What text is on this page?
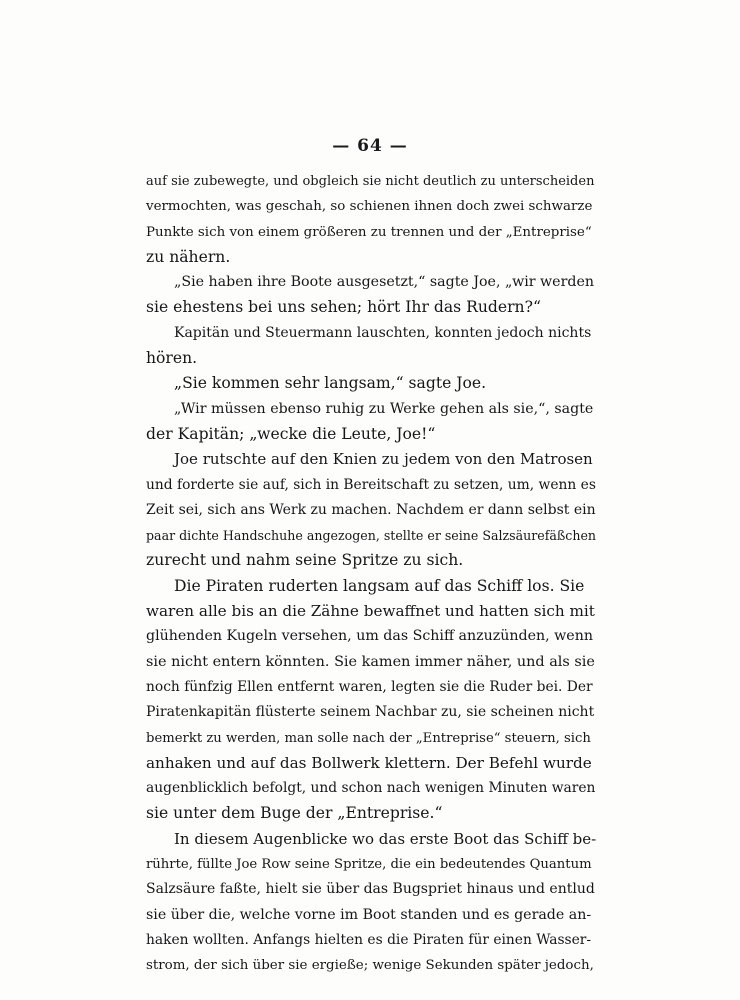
— 64 —
auf sie zubewegte, und obgleich sie nicht deutlich zu unterscheiden
vermochten, was geschah, so schienen ihnen doch zwei schwarze
Punkte sich von einem größeren zu trennen und der „Entreprise“
zu nähern.
„Sie haben ihre Boote ausgesetzt,“ sagte Joe, „wir werden
sie ehestens bei uns sehen; hört Ihr das Rudern?“
Kapitän und Steuermann lauschten, konnten jedoch nichts
hören.
„Sie kommen sehr langsam,“ sagte Joe.
„Wir müssen ebenso ruhig zu Werke gehen als sie,“, sagte
der Kapitän; „wecke die Leute, Joe!“
Joe rutschte auf den Knien zu jedem von den Matrosen
und forderte sie auf, sich in Bereitschaft zu setzen, um, wenn es
Zeit sei, sich ans Werk zu machen. Nachdem er dann selbst ein
paar dichte Handschuhe angezogen, stellte er seine Salzsäurefäßchen
zurecht und nahm seine Spritze zu sich.
Die Piraten ruderten langsam auf das Schiff los. Sie
waren alle bis an die Zähne bewaffnet und hatten sich mit
glühenden Kugeln versehen, um das Schiff anzuzünden, wenn
sie nicht entern könnten. Sie kamen immer näher, und als sie
noch fünfzig Ellen entfernt waren, legten sie die Ruder bei. Der
Piratenkapitän flüsterte seinem Nachbar zu, sie scheinen nicht
bemerkt zu werden, man solle nach der „Entreprise“ steuern, sich
anhaken und auf das Bollwerk klettern. Der Befehl wurde
augenblicklich befolgt, und schon nach wenigen Minuten waren
sie unter dem Buge der „Entreprise.“
In diesem Augenblicke wo das erste Boot das Schiff be-
rührte, füllte Joe Row seine Spritze, die ein bedeutendes Quantum
Salzsäure faßte, hielt sie über das Bugspriet hinaus und entlud
sie über die, welche vorne im Boot standen und es gerade an-
haken wollten. Anfangs hielten es die Piraten für einen Wasser-
strom, der sich über sie ergieße; wenige Sekunden später jedoch,
